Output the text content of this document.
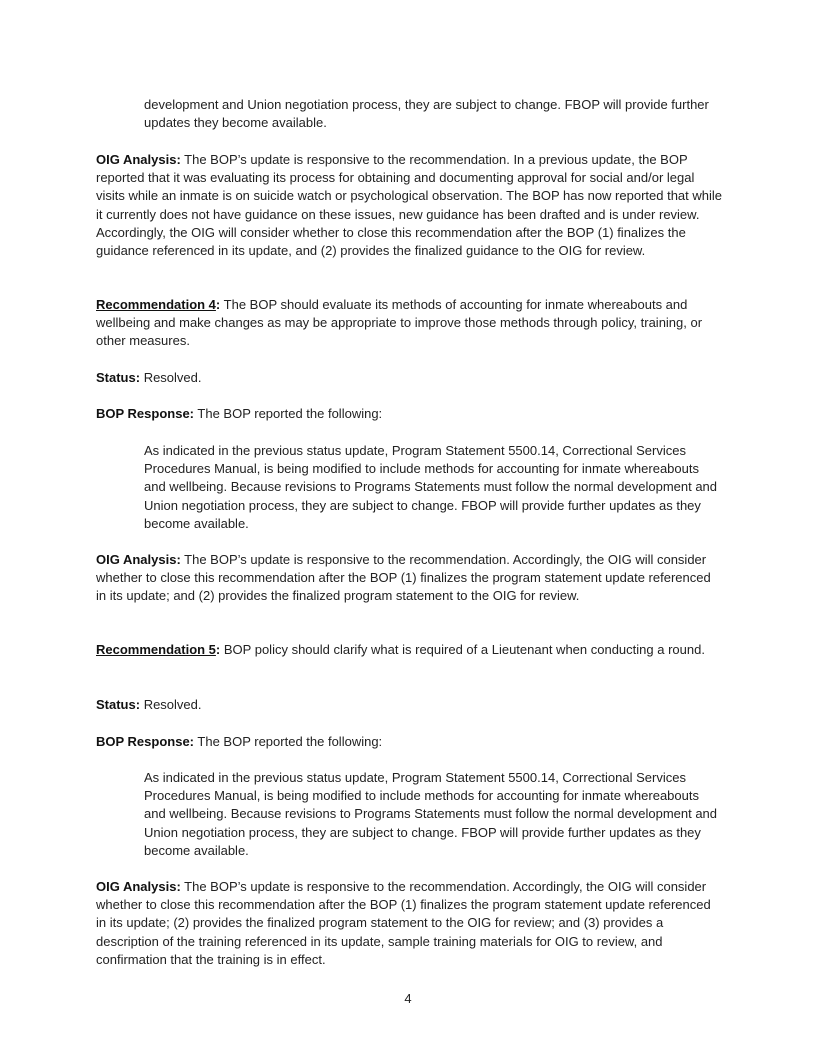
development and Union negotiation process, they are subject to change. FBOP will provide further updates they become available.

OIG Analysis: The BOP’s update is responsive to the recommendation. In a previous update, the BOP reported that it was evaluating its process for obtaining and documenting approval for social and/or legal visits while an inmate is on suicide watch or psychological observation. The BOP has now reported that while it currently does not have guidance on these issues, new guidance has been drafted and is under review. Accordingly, the OIG will consider whether to close this recommendation after the BOP (1) finalizes the guidance referenced in its update, and (2) provides the finalized guidance to the OIG for review.

Recommendation 4: The BOP should evaluate its methods of accounting for inmate whereabouts and wellbeing and make changes as may be appropriate to improve those methods through policy, training, or other measures.

Status: Resolved.

BOP Response: The BOP reported the following:

As indicated in the previous status update, Program Statement 5500.14, Correctional Services Procedures Manual, is being modified to include methods for accounting for inmate whereabouts and wellbeing. Because revisions to Programs Statements must follow the normal development and Union negotiation process, they are subject to change. FBOP will provide further updates as they become available.

OIG Analysis: The BOP’s update is responsive to the recommendation. Accordingly, the OIG will consider whether to close this recommendation after the BOP (1) finalizes the program statement update referenced in its update; and (2) provides the finalized program statement to the OIG for review.

Recommendation 5: BOP policy should clarify what is required of a Lieutenant when conducting a round.

Status: Resolved.

BOP Response: The BOP reported the following:

As indicated in the previous status update, Program Statement 5500.14, Correctional Services Procedures Manual, is being modified to include methods for accounting for inmate whereabouts and wellbeing. Because revisions to Programs Statements must follow the normal development and Union negotiation process, they are subject to change. FBOP will provide further updates as they become available.

OIG Analysis: The BOP’s update is responsive to the recommendation. Accordingly, the OIG will consider whether to close this recommendation after the BOP (1) finalizes the program statement update referenced in its update; (2) provides the finalized program statement to the OIG for review; and (3) provides a description of the training referenced in its update, sample training materials for OIG to review, and confirmation that the training is in effect.

4
